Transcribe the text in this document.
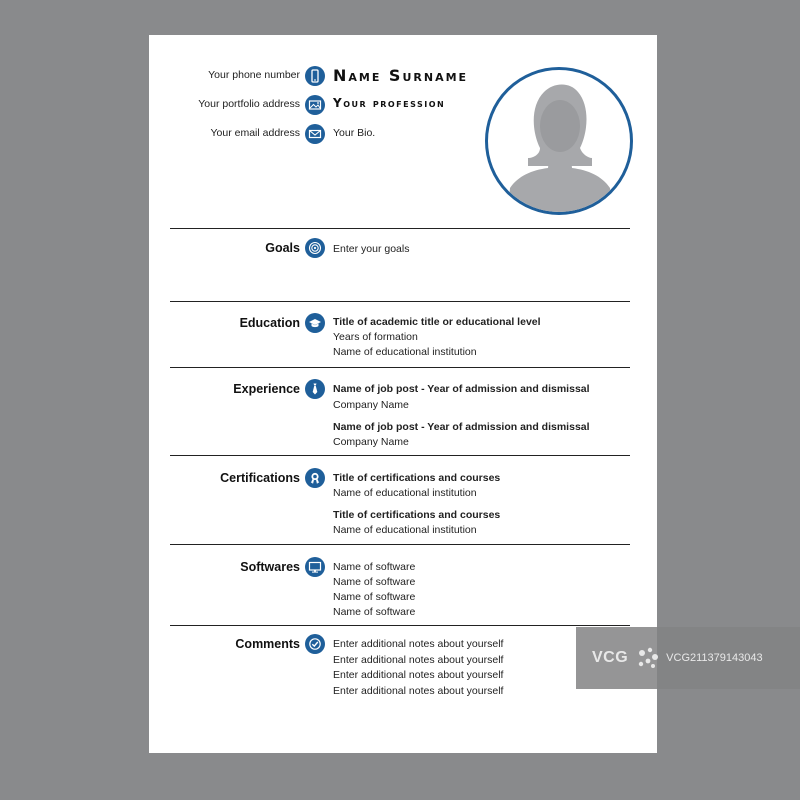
Your phone number
Your portfolio address
Your email address
Name Surname
Your profession
Your Bio.
Goals	Enter your goals
Education	Title of academic title or educational level
Years of formation
Name of educational institution
Experience	Name of job post - Year of admission and dismissal
Company Name
Name of job post - Year of admission and dismissal
Company Name
Certifications	Title of certifications and courses
Name of educational institution
Title of certifications and courses
Name of educational institution
Softwares	Name of software
Name of software
Name of software
Name of software
Comments	Enter additional notes about yourself
Enter additional notes about yourself
Enter additional notes about yourself
Enter additional notes about yourself
VCG	VCG211379143043
